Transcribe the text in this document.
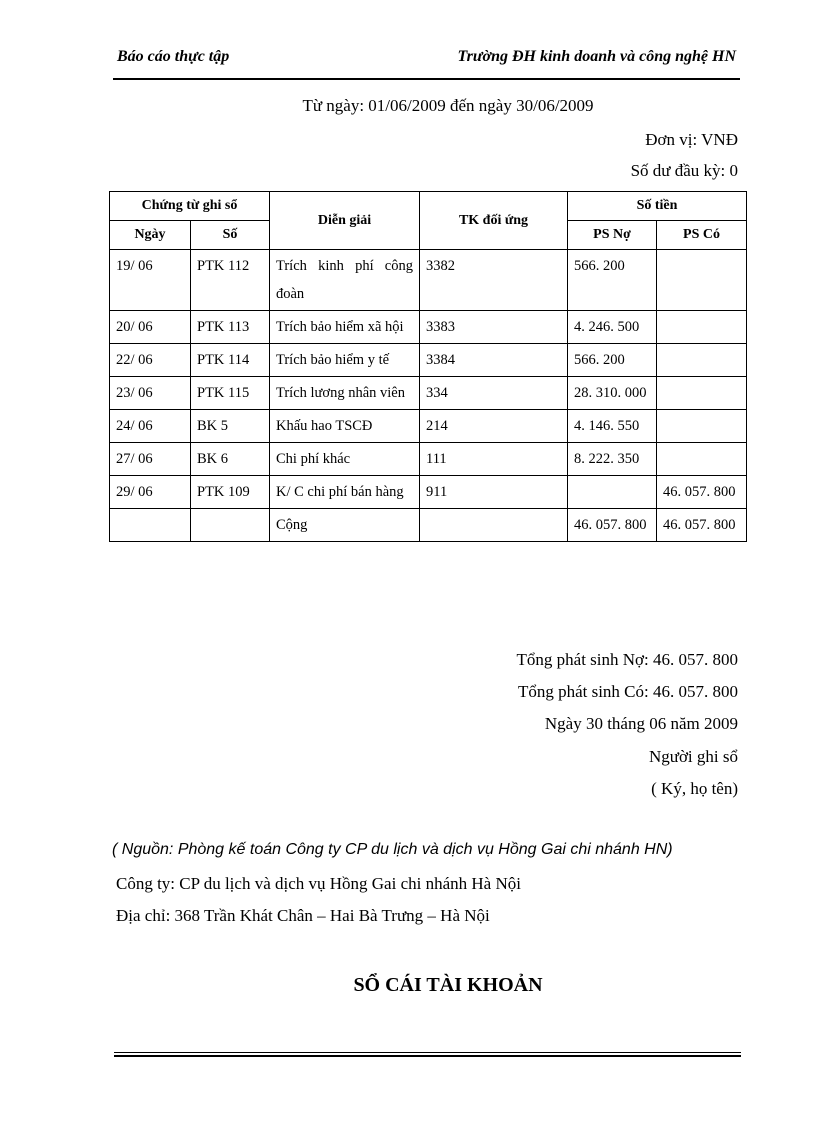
Báo cáo thực tập	Trường ĐH kinh doanh và công nghệ HN
Từ ngày: 01/06/2009 đến ngày 30/06/2009
Đơn vị: VNĐ
Số dư đầu kỳ: 0
Chứng từ ghi sổ		Diễn giải	TK đối ứng	Số tiền	
Ngày	Số			PS Nợ	PS Có
19/ 06	PTK 112	Trích kinh phí công đoàn	3382	566. 200	
20/ 06	PTK 113	Trích bảo hiểm xã hội	3383	4. 246. 500	
22/ 06	PTK 114	Trích bảo hiểm y tế	3384	566. 200	
23/ 06	PTK 115	Trích lương nhân viên	334	28. 310. 000	
24/ 06	BK 5	Khấu hao TSCĐ	214	4. 146. 550	
27/ 06	BK 6	Chi phí khác	111	8. 222. 350	
29/ 06	PTK 109	K/ C chi phí bán hàng	911		46. 057. 800
		Cộng		46. 057. 800	46. 057. 800
Tổng phát sinh Nợ: 46. 057. 800
Tổng phát sinh Có: 46. 057. 800
Ngày 30 tháng 06 năm 2009
Người ghi sổ
( Ký, họ tên)
( Nguồn: Phòng kế toán Công ty CP du lịch và dịch vụ Hồng Gai chi nhánh HN)
Công ty: CP du lịch và dịch vụ Hồng Gai chi nhánh Hà Nội
Địa chỉ: 368 Trần Khát Chân – Hai Bà Trưng – Hà Nội
SỔ CÁI TÀI KHOẢN
